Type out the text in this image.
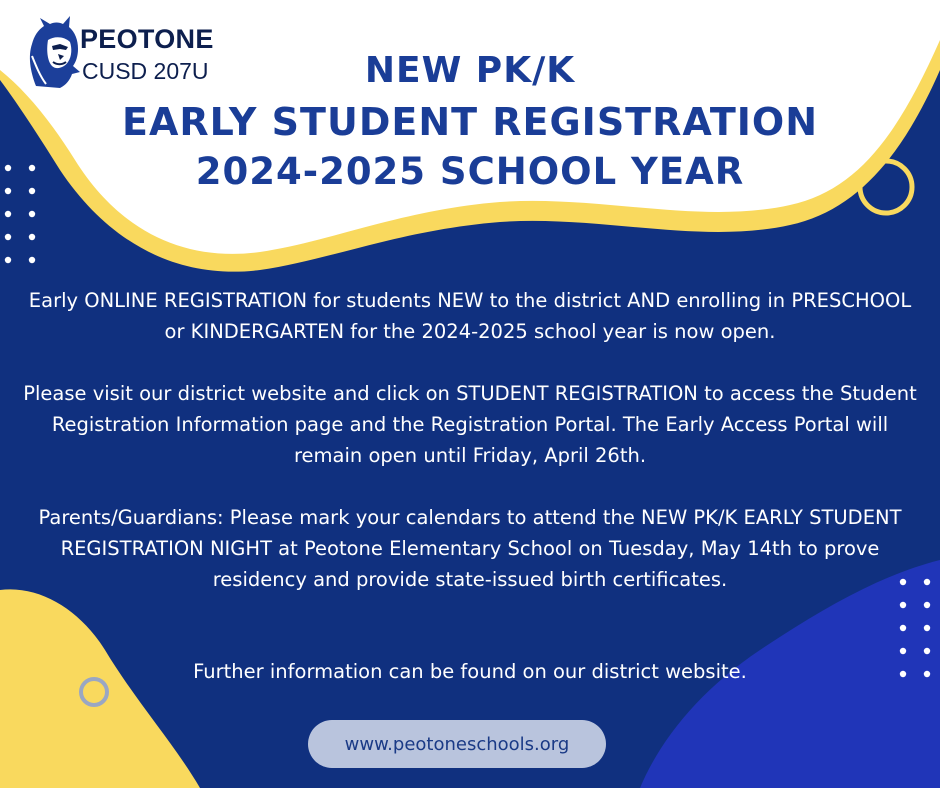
PEOTONE
CUSD 207U	NEW PK/K
EARLY STUDENT REGISTRATION
2024-2025 SCHOOL YEAR

Early ONLINE REGISTRATION for students NEW to the district AND enrolling in PRESCHOOL or KINDERGARTEN for the 2024-2025 school year is now open.

Please visit our district website and click on STUDENT REGISTRATION to access the Student Registration Information page and the Registration Portal. The Early Access Portal will remain open until Friday, April 26th.

Parents/Guardians: Please mark your calendars to attend the NEW PK/K EARLY STUDENT REGISTRATION NIGHT at Peotone Elementary School on Tuesday, May 14th to prove residency and provide state-issued birth certificates.

Further information can be found on our district website.

www.peotoneschools.org
